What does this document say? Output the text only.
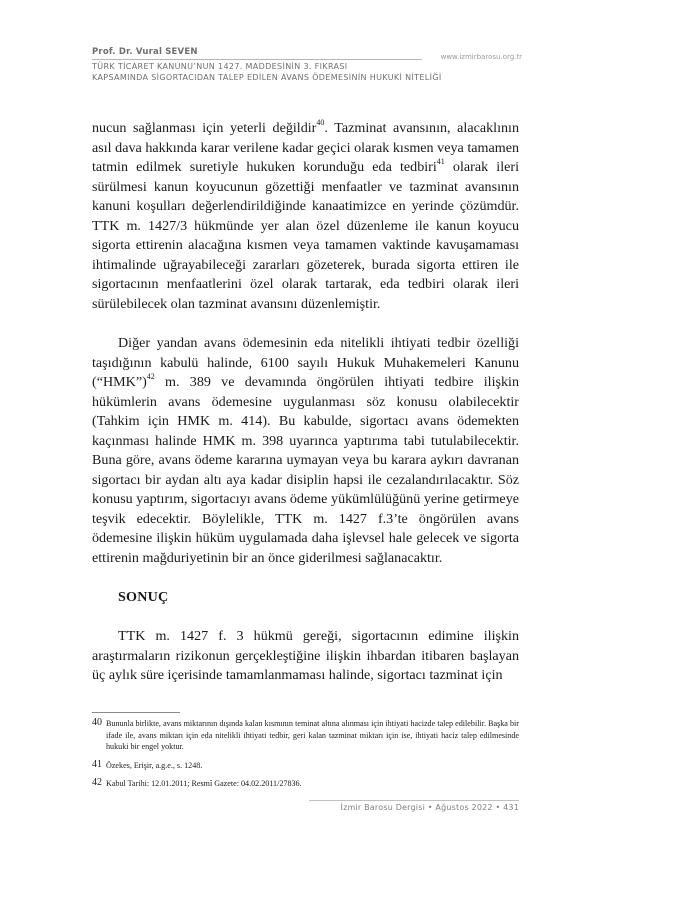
Prof. Dr. Vural SEVEN	www.izmirbarosu.org.tr
TÜRK TİCARET KANUNU’NUN 1427. MADDESİNİN 3. FIKRASI
KAPSAMINDA SİGORTACIDAN TALEP EDİLEN AVANS ÖDEMESİNİN HUKUKİ NİTELİĞİ

nucun sağlanması için yeterli değildir$^{40}$. Tazminat avansının, alacaklının asıl dava hakkında karar verilene kadar geçici olarak kısmen veya tamamen tatmin edilmek suretiyle hukuken korunduğu eda tedbiri$^{41}$ olarak ileri sürülmesi kanun koyucunun gözettiği menfaatler ve tazminat avansının kanuni koşulları değerlendirildiğinde kanaatimizce en yerinde çözümdür. TTK m. 1427/3 hükmünde yer alan özel düzenleme ile kanun koyucu sigorta ettirenin alacağına kısmen veya tamamen vaktinde kavuşamaması ihtimalinde uğrayabileceği zararları gözeterek, burada sigorta ettiren ile sigortacının menfaatlerini özel olarak tartarak, eda tedbiri olarak ileri sürülebilecek olan tazminat avansını düzenlemiştir.

Diğer yandan avans ödemesinin eda nitelikli ihtiyati tedbir özelliği taşıdığının kabulü halinde, 6100 sayılı Hukuk Muhakemeleri Kanunu (“HMK”)$^{42}$ m. 389 ve devamında öngörülen ihtiyati tedbire ilişkin hükümlerin avans ödemesine uygulanması söz konusu olabilecektir (Tahkim için HMK m. 414). Bu kabulde, sigortacı avans ödemekten kaçınması halinde HMK m. 398 uyarınca yaptırıma tabi tutulabilecektir. Buna göre, avans ödeme kararına uymayan veya bu karara aykırı davranan sigortacı bir aydan altı aya kadar disiplin hapsi ile cezalandırılacaktır. Söz konusu yaptırım, sigortacıyı avans ödeme yükümlülüğünü yerine getirmeye teşvik edecektir. Böylelikle, TTK m. 1427 f.3’te öngörülen avans ödemesine ilişkin hüküm uygulamada daha işlevsel hale gelecek ve sigorta ettirenin mağduriyetinin bir an önce giderilmesi sağlanacaktır.

SONUÇ

TTK m. 1427 f. 3 hükmü gereği, sigortacının edimine ilişkin araştırmaların rizikonun gerçekleştiğine ilişkin ihbardan itibaren başlayan üç aylık süre içerisinde tamamlanmaması halinde, sigortacı tazminat için

40 Bununla birlikte, avans miktarının dışında kalan kısmının teminat altına alınması için ihtiyati hacizde talep edilebilir. Başka bir ifade ile, avans miktarı için eda nitelikli ihtiyati tedbir, geri kalan tazminat miktarı için ise, ihtiyati haciz talep edilmesinde hukuki bir engel yoktur.
41 Özekes, Erişir, a.g.e., s. 1248.
42 Kabul Tarihi: 12.01.2011; Resmî Gazete: 04.02.2011/27836.
İzmir Barosu Dergisi • Ağustos 2022 • 431
